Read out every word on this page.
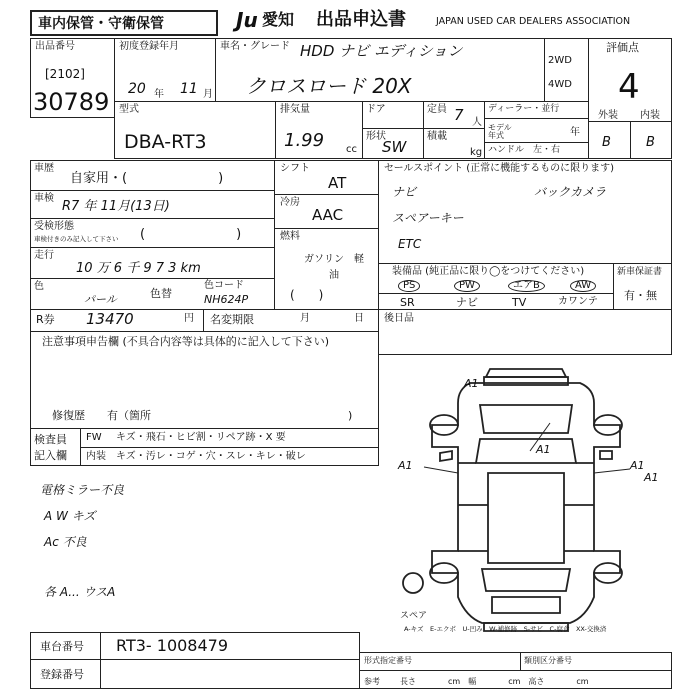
車内保管・守衛保管	Ju 愛知 出品申込書	JAPAN USED CAR DEALERS ASSOCIATION
出品番号
[2102]
30789
初度登録年月
20 年 11 月
車名・グレード HDD ナビ エディション
クロスロード 20X
2WD
4WD
評価点
4
型式
DBA-RT3
排気量
1.99 cc
ドア
形状
SW
定員 7 人
積載
kg
ディーラー・並行
モデル 年式	年
ハンドル　左・右
外装 内装
B	B
車歴
自家用・(　　　　　　　)
車検
R7 年 11月(13日)
受検形態
車検付きのみ記入して下さい (　　　　　　　)
走行
10 万 6 千 9 7 3 km
色
パール	色替
色コード
NH624P
シフト
AT
冷房
AAC
燃料
ガソリン　軽油
(　　)
セールスポイント (正常に機能するものに限ります)
ナビ	バックカメラ
スペアーキー
ETC
装備品 (純正品に限り◯をつけてください)
PS	PW	エアB	AW
SR	ナビ	TV	カワンテ
新車保証書
有・無
R券 13470	円 名変期限	月	日 後日品
注意事項申告欄 (不具合内容等は具体的に記入して下さい)
修復歴　　有（箇所	)
検査員
記入欄
FW キズ・飛石・ヒビ割・リペア跡・X 要
内装 キズ・汚レ・コゲ・穴・スレ・キレ・破レ
電格ミラー不良
A W キズ
Ac 不良
各 A... ウスA
A1
A1	A1
A1
A1
スペア
A-キズ　E-エクボ　U-凹み　W-補修跡　S-サビ　C-腐食　XX-交換済
車台番号 RT3- 1008479
登録番号
形式指定番号	類別区分番号
参考	長さ　　　　cm　幅　　　　cm　高さ　　　　cm
